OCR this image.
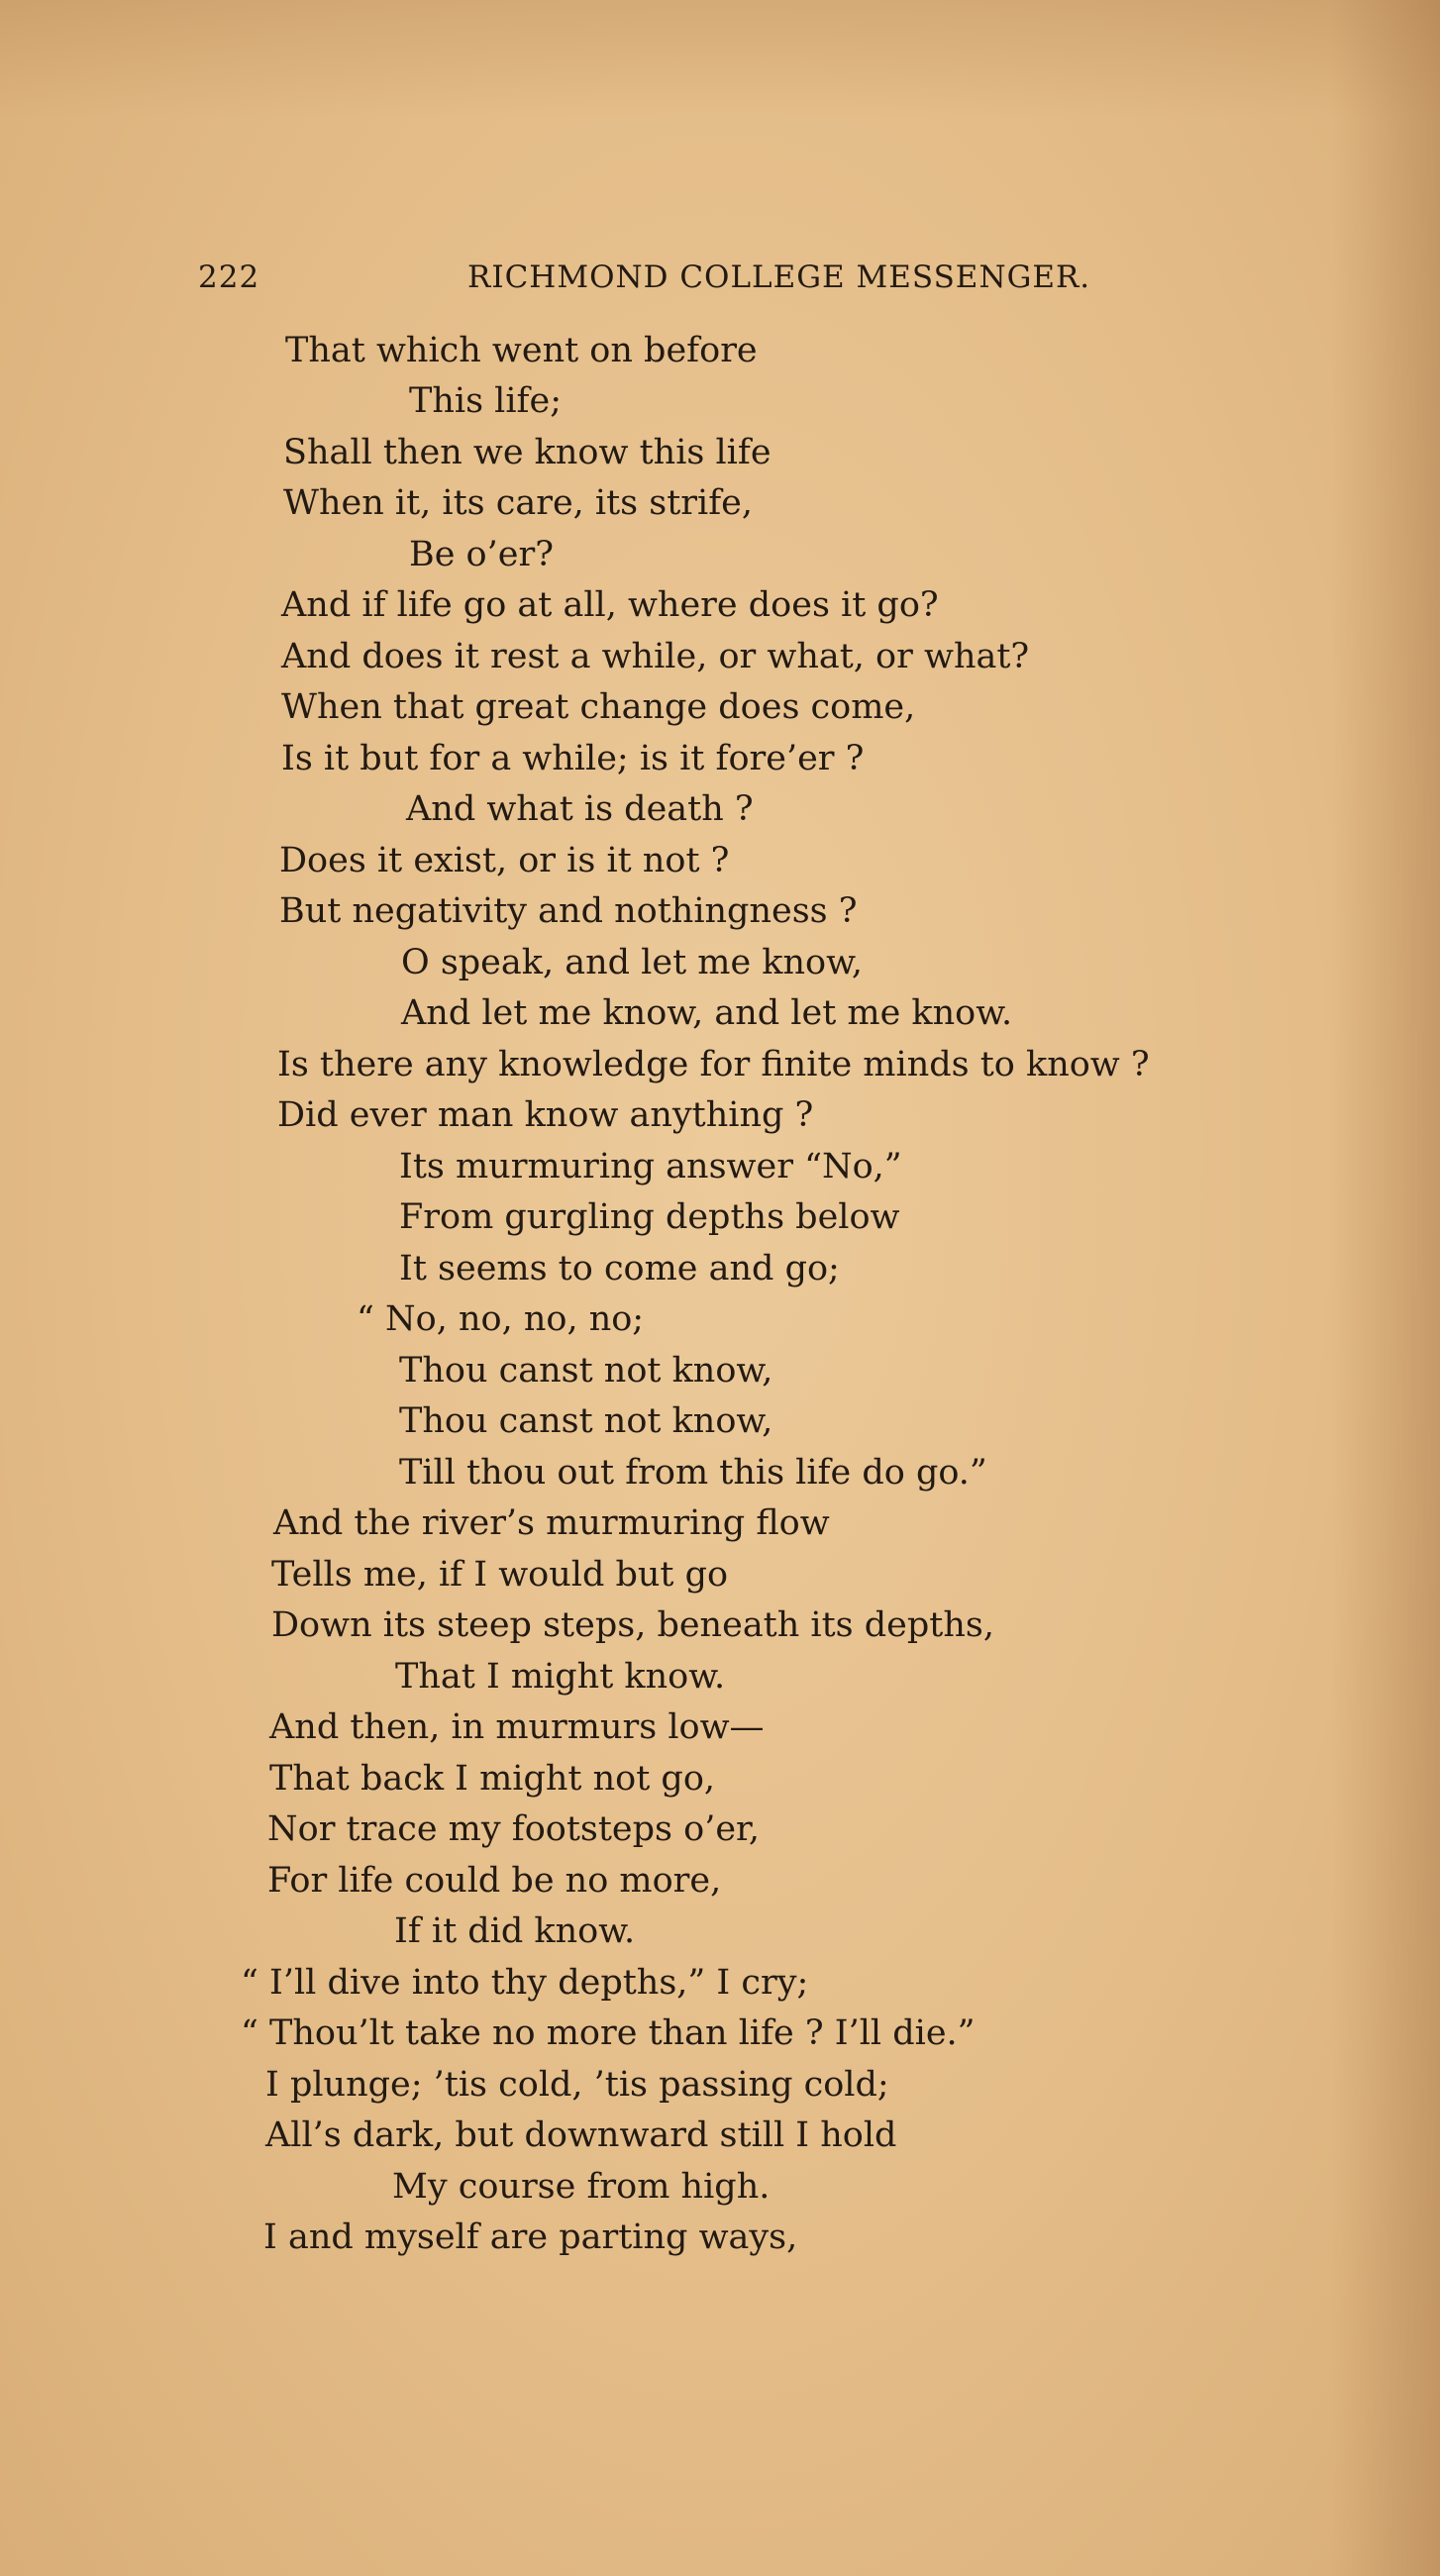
222	RICHMOND COLLEGE MESSENGER.
That which went on before
This life;
Shall then we know this life
When it, its care, its strife,
Be o’er?
And if life go at all, where does it go?
And does it rest a while, or what, or what?
When that great change does come,
Is it but for a while; is it fore’er ?
And what is death ?
Does it exist, or is it not ?
But negativity and nothingness ?
O speak, and let me know,
And let me know, and let me know.
Is there any knowledge for finite minds to know ?
Did ever man know anything ?
Its murmuring answer “No,”
From gurgling depths below
It seems to come and go;
“ No, no, no, no;
Thou canst not know,
Thou canst not know,
Till thou out from this life do go.”
And the river’s murmuring flow
Tells me, if I would but go
Down its steep steps, beneath its depths,
That I might know.
And then, in murmurs low—
That back I might not go,
Nor trace my footsteps o’er,
For life could be no more,
If it did know.
“ I’ll dive into thy depths,” I cry;
“ Thou’lt take no more than life ? I’ll die.”
I plunge; ’tis cold, ’tis passing cold;
All’s dark, but downward still I hold
My course from high.
I and myself are parting ways,
